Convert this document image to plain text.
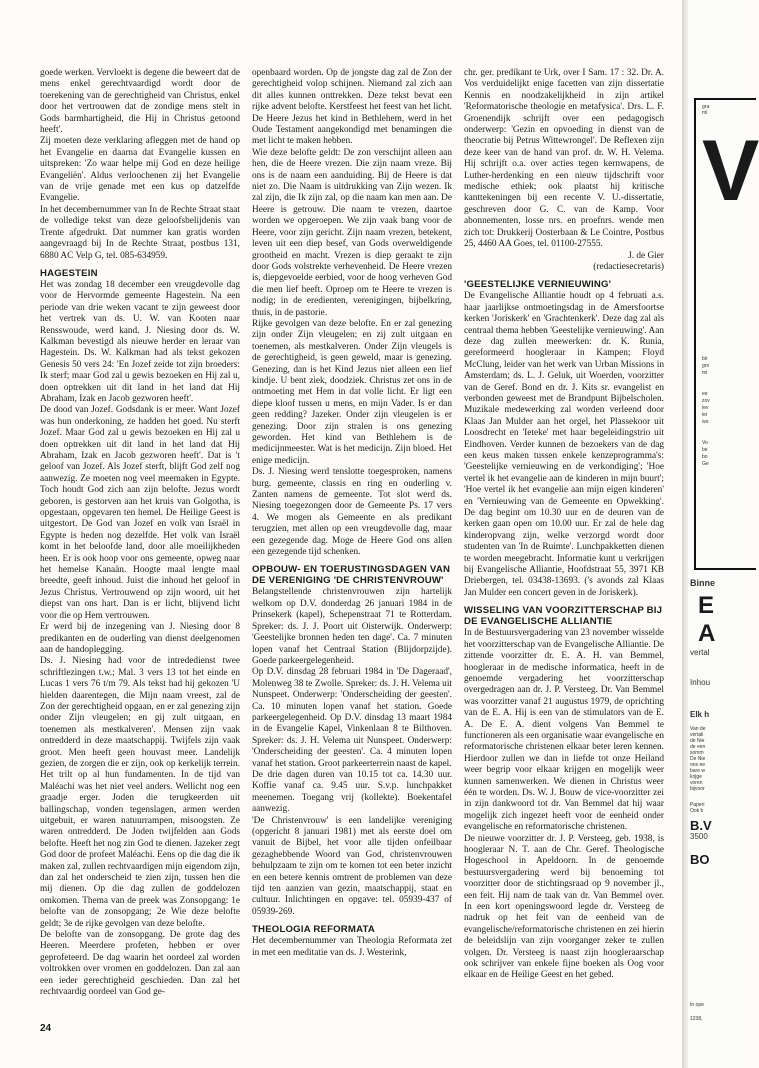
goede werken. Vervloekt is degene die beweert dat de mens enkel gerechtvaardigd wordt door de toerekening van de gerechtigheid van Christus, enkel door het vertrouwen dat de zondige mens stelt in Gods barmhartigheid, die Hij in Christus getoond heeft'.

Zij moeten deze verklaring afleggen met de hand op het Evangelie en daarna dat Evangelie kussen en uitspreken: 'Zo waar helpe mij God en deze heilige Evangeliën'. Aldus verloochenen zij het Evangelie van de vrije genade met een kus op datzelfde Evangelie.

In het decembernummer van In de Rechte Straat staat de volledige tekst van deze geloofsbelijdenis van Trente afgedrukt. Dat nummer kan gratis worden aangevraagd bij In de Rechte Straat, postbus 131, 6880 AC Velp G, tel. 085-634959.

HAGESTEIN

Het was zondag 18 december een vreugdevolle dag voor de Hervormde gemeente Hagestein. Na een periode van drie weken vacant te zijn geweest door het vertrek van ds. U. W. van Kooten naar Rensswoude, werd kand. J. Niesing door ds. W. Kalkman bevestigd als nieuwe herder en leraar van Hagestein. Ds. W. Kalkman had als tekst gekozen Genesis 50 vers 24: 'En Jozef zeide tot zijn broeders: Ik sterf; maar God zal u gewis bezoeken en Hij zal u, doen optrekken uit dit land in het land dat Hij Abraham, Izak en Jacob gezworen heeft'.

De dood van Jozef. Godsdank is er meer. Want Jozef was hun onderkoning, ze hadden het goed. Nu sterft Jozef. Maar God zal u gewis bezoeken en Hij zal u doen optrekken uit dit land in het land dat Hij Abraham, Izak en Jacob gezworen heeft'. Dat is 't geloof van Jozef. Als Jozef sterft, blijft God zelf nog aanwezig. Ze moeten nog veel meemaken in Egypte. Toch houdt God zich aan zijn belofte. Jezus wordt geboren, is gestorven aan het kruis van Golgotha, is opgestaan, opgevaren ten hemel. De Heilige Geest is uitgestort. De God van Jozef en volk van Israël in Egypte is heden nog dezelfde. Het volk van Israël komt in het beloofde land, door alle moeilijkheden heen. Er is ook hoop voor ons gemeente, opweg naar het hemelse Kanaän. Hoogte maal lengte maal breedte, geeft inhoud. Juist die inhoud het geloof in Jezus Christus. Vertrouwend op zijn woord, uit het diepst van ons hart. Dan is er licht, blijvend licht voor die op Hem vertrouwen.

Er werd bij de inzegening van J. Niesing door 8 predikanten en de ouderling van dienst deelgenomen aan de handoplegging.

Ds. J. Niesing had voor de intrededienst twee schriftlezingen t.w.; Mal. 3 vers 13 tot het einde en Lucas 1 vers 76 t/m 79. Als tekst had hij gekozen 'U hielden daarentegen, die Mijn naam vreest, zal de Zon der gerechtigheid opgaan, en er zal genezing zijn onder Zijn vleugelen; en gij zult uitgaan, en toenemen als mestkalveren'. Mensen zijn vaak ontredderd in deze maatschappij. Twijfels zijn vaak groot. Men heeft geen houvast meer. Landelijk gezien, de zorgen die er zijn, ook op kerkelijk terrein. Het trilt op al hun fundamenten. In de tijd van Maléachi was het niet veel anders. Wellicht nog een graadje erger. Joden die terugkeerden uit ballingschap, vonden tegenslagen, armen werden uitgebuit, er waren natuurrampen, misoogsten. Ze waren ontredderd. De Joden twijfelden aan Gods belofte. Heeft het nog zin God te dienen. Jazeker zegt God door de profeet Maléachi. Eens op die dag die ik maken zal, zullen rechtvaardigen mijn eigendom zijn, dan zal het onderscheid te zien zijn, tussen hen die mij dienen. Op die dag zullen de goddelozen omkomen. Thema van de preek was Zonsopgang: 1e belofte van de zonsopgang; 2e Wie deze belofte geldt; 3e de rijke gevolgen van deze belofte.

De belofte van de zonsopgang. De grote dag des Heeren. Meerdere profeten, hebben er over geprofeteerd. De dag waarin het oordeel zal worden voltrokken over vromen en goddelozen. Dan zal aan een ieder gerechtigheid geschieden. Dan zal het rechtvaardig oordeel van God ge-

openbaard worden. Op de jongste dag zal de Zon der gerechtigheid volop schijnen. Niemand zal zich aan dit alles kunnen onttrekken. Deze tekst bevat een rijke advent belofte. Kerstfeest het feest van het licht. De Heere Jezus het kind in Bethlehem, werd in het Oude Testament aangekondigd met benamingen die met licht te maken hebben.

Wie deze belofte geldt: De zon verschijnt alleen aan hen, die de Heere vrezen. Die zijn naam vreze. Bij ons is de naam een aanduiding. Bij de Heere is dat niet zo. Die Naam is uitdrukking van Zijn wezen. Ik zal zijn, die Ik zijn zal, op die naam kan men aan. De Heere is getrouw. Die naam te vrezen, daartoe worden we opgeroepen. We zijn vaak bang voor de Heere, voor zijn gericht. Zijn naam vrezen, betekent, leven uit een diep besef, van Gods overweldigende grootheid en macht. Vrezen is diep geraakt te zijn door Gods volstrekte verhevenheid. De Heere vrezen is, diepgevoelde eerbied, voor de hoog verheven God die men lief heeft. Oproep om te Heere te vrezen is nodig; in de eredienten, verenigingen, bijbelkring, thuis, in de pastorie.

Rijke gevolgen van deze belofte. En er zal genezing zijn onder Zijn vleugelen; en zij zult uitgaan en toenemen, als mestkalveren. Onder Zijn vleugels is de gerechtigheid, is geen geweld, maar is genezing. Genezing, dan is het Kind Jezus niet alleen een lief kindje. U bent ziek, doodziek. Christus zet ons in de ontmoeting met Hem in dat volle licht. Er ligt een diepe kloof tussen u mens, en mijn Vader. Is er dan geen redding? Jazeker. Onder zijn vleugelen is er genezing. Door zijn stralen is ons genezing geworden. Het kind van Bethlehem is de medicijnmeester. Wat is het medicijn. Zijn bloed. Het enige medicijn.

Ds. J. Niesing werd tenslotte toegesproken, namens burg. gemeente, classis en ring en ouderling v. Zanten namens de gemeente. Tot slot werd ds. Niesing toegezongen door de Gemeente Ps. 17 vers 4. We mogen als Gemeente en als predikant terugzien, met allen op een vreugdevolle dag, maar een gezegende dag. Moge de Heere God ons allen een gezegende tijd schenken.

OPBOUW- EN TOERUSTINGSDAGEN VAN DE VERENIGING 'DE CHRISTENVROUW'

Belangstellende christenvrouwen zijn hartelijk welkom op D.V. donderdag 26 januari 1984 in de Prinsekerk (kapel), Schepenstraat 71 te Rotterdam. Spreker: ds. J. J. Poort uit Oisterwijk. Onderwerp: 'Geestelijke bronnen heden ten dage'. Ca. 7 minuten lopen vanaf het Centraal Station (Blijdorpzijde). Goede parkeergelegenheid.

Op D.V. dinsdag 28 februari 1984 in 'De Dageraad', Molenweg 38 te Zwolle. Spreker: ds. J. H. Velema uit Nunspeet. Onderwerp: 'Onderscheiding der geesten'. Ca. 10 minuten lopen vanaf het station. Goede parkeergelegenheid. Op D.V. dinsdag 13 maart 1984 in de Evangelie Kapel, Vinkenlaan 8 te Bilthoven. Spreker: ds. J. H. Velema uit Nunspeet. Onderwerp: 'Onderscheiding der geesten'. Ca. 4 minuten lopen vanaf het station. Groot parkeerterrein naast de kapel.

De drie dagen duren van 10.15 tot ca. 14.30 uur. Koffie vanaf ca. 9.45 uur. S.v.p. lunchpakket meenemen. Toegang vrij (kollekte). Boekentafel aanwezig.

'De Christenvrouw' is een landelijke vereniging (opgericht 8 januari 1981) met als eerste doel om vanuit de Bijbel, het voor alle tijden onfeilbaar gezaghebbende Woord van God, christenvrouwen behulpzaam te zijn om te komen tot een beter inzicht en een betere kennis omtrent de problemen van deze tijd ten aanzien van gezin, maatschappij, staat en cultuur. Inlichtingen en opgave: tel. 05939-437 of 05939-269.

THEOLOGIA REFORMATA

Het decembernummer van Theologia Reformata zet in met een meditatie van ds. J. Westerink,

chr. ger. predikant te Urk, over I Sam. 17 : 32. Dr. A. Vos verduidelijkt enige facetten van zijn dissertatie Kennis en noodzakelijkheid in zijn artikel 'Reformatorische theologie en metafysica'. Drs. L. F. Groenendijk schrijft over een pedagogisch onderwerp: 'Gezin en opvoeding in dienst van de theocratie bij Petrus Wittewrongel'. De Reflexen zijn deze keer van de hand van prof. dr. W. H. Velema. Hij schrijft o.a. over acties tegen kernwapens, de Luther-herdenking en een nieuw tijdschrift voor medische ethiek; ook plaatst hij kritische kanttekeningen bij een recente V. U.-dissertatie, geschreven door G. C. van de Kamp. Voor abonnementen, losse nrs. en proefnrs. wende men zich tot: Drukkerij Oosterbaan & Le Cointre, Postbus 25, 4460 AA Goes, tel. 01100-27555.

J. de Gier
(redactiesecretaris)
'GEESTELIJKE VERNIEUWING'

De Evangelische Alliantie houdt op 4 februati a.s. haar jaarlijkse ontmoetingsdag in de Amersfoortse kerken 'Joriskerk' en 'Grachtenkerk'. Deze dag zal als centraal thema hebben 'Geestelijke vernieuwing'. Aan deze dag zullen meewerken: dr. K. Runia, gereformeerd hoogleraar in Kampen; Floyd McClung, leider van het werk van Urban Missions in Amsterdam; ds. L. J. Geluk, uit Woerden, voorzitter van de Geref. Bond en dr. J. Kits sr. evangelist en verbonden geweest met de Brandpunt Bijbelscholen. Muzikale medewerking zal worden verleend door Klaas Jan Mulder aan het orgel, het Plassekoor uit Loosdrecht en 'Ieteke' met haar begeleidingstrio uit Eindhoven. Verder kunnen de bezoekers van de dag een keus maken tussen enkele kenzeprogramma's: 'Geestelijke vernieuwing en de verkondiging'; 'Hoe vertel ik het evangelie aan de kinderen in mijn buurt'; 'Hoe vertel ik het evangelie aan mijn eigen kinderen' en 'Vernieuwing van de Gemeente en Opwekking'. De dag begint om 10.30 uur en de deuren van de kerken gaan open om 10.00 uur. Er zal de hele dag kinderopvang zijn, welke verzorgd wordt door studenten van 'In de Ruimte'. Lunchpakketten dienen te worden meegebracht. Informatie kunt u verkrijgen bij Evangelische Alliantie, Hoofdstraat 55, 3971 KB Driebergen, tel. 03438-13693. ('s avonds zal Klaas Jan Mulder een concert geven in de Joriskerk).

WISSELING VAN VOORZITTERSCHAP BIJ DE EVANGELISCHE ALLIANTIE

In de Bestuursvergadering van 23 november wisselde het voorzitterschap van de Evangelische Alliantie. De zittende voorzitter dr. E. A. H. van Bemmel, hoogleraar in de medische informatica, heeft in de genoemde vergadering het voorzitterschap overgedragen aan dr. J. P. Versteeg. Dr. Van Bemmel was voorzitter vanaf 21 augustus 1979, de oprichting van de E. A. Hij is een van de stimulators van de E. A. De E. A. dient volgens Van Bemmel te functioneren als een organisatie waar evangelische en reformatorische christenen elkaar beter leren kennen. Hierdoor zullen we dan in liefde tot onze Heiland weer begrip voor elkaar krijgen en mogelijk weer kunnen samenwerken. We dienen in Christus weer één te worden. Ds. W. J. Bouw de vice-voorzitter zei in zijn dankwoord tot dr. Van Bemmel dat hij waar mogelijk zich ingezet heeft voor de eenheid onder evangelische en reformatorische christenen.

De nieuwe voorzitter dr. J. P. Versteeg, geb. 1938, is hoogleraar N. T. aan de Chr. Geref. Theologische Hogeschool in Apeldoorn. In de genoemde bestuursvergadering werd bij benoeming tot voorzitter door de stichtingsraad op 9 november jl., een feit. Hij nam de taak van dr. Van Bemmel over. In een kort openingswoord legde dr. Versteeg de nadruk op het feit van de eenheid van de evangelische/reformatorische christenen en zei hierin de beleidslijn van zijn voorganger zeker te zullen volgen. Dr. Versteeg is naast zijn hoogleraarschap ook schrijver van enkele fijne boeken als Oog voor elkaar en de Heilige Geest en het gebed.

24
gra
mi
V
bir
gro
mi
ee
zov
lev
lei
wo
Vo
be
bo
Ge
Binne
E
A
vertal
Inhou
Elk h
Van de
vertali
de Nie
de een
somm
De Nie
ons ee
bare w
krijge
voren
bijvoor
Paperi
Ook b
B.V
3500
BO
In ope
1238,
